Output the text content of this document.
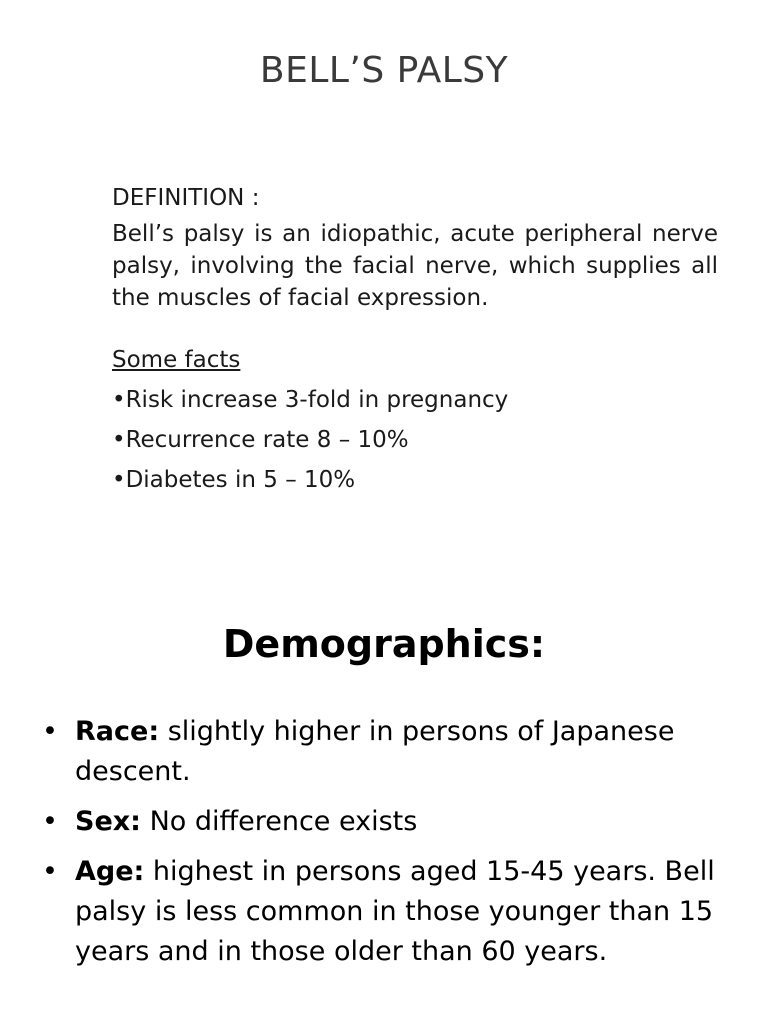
BELL’S PALSY

DEFINITION :

Bell’s palsy is an idiopathic, acute peripheral nerve palsy, involving the facial nerve, which supplies all the muscles of facial expression.

Some facts

•Risk increase 3-fold in pregnancy

•Recurrence rate 8 – 10%

•Diabetes in 5 – 10%

Demographics:
• Race: slightly higher in persons of Japanese descent.
• Sex: No difference exists
• Age: highest in persons aged 15-45 years. Bell palsy is less common in those younger than 15 years and in those older than 60 years.
